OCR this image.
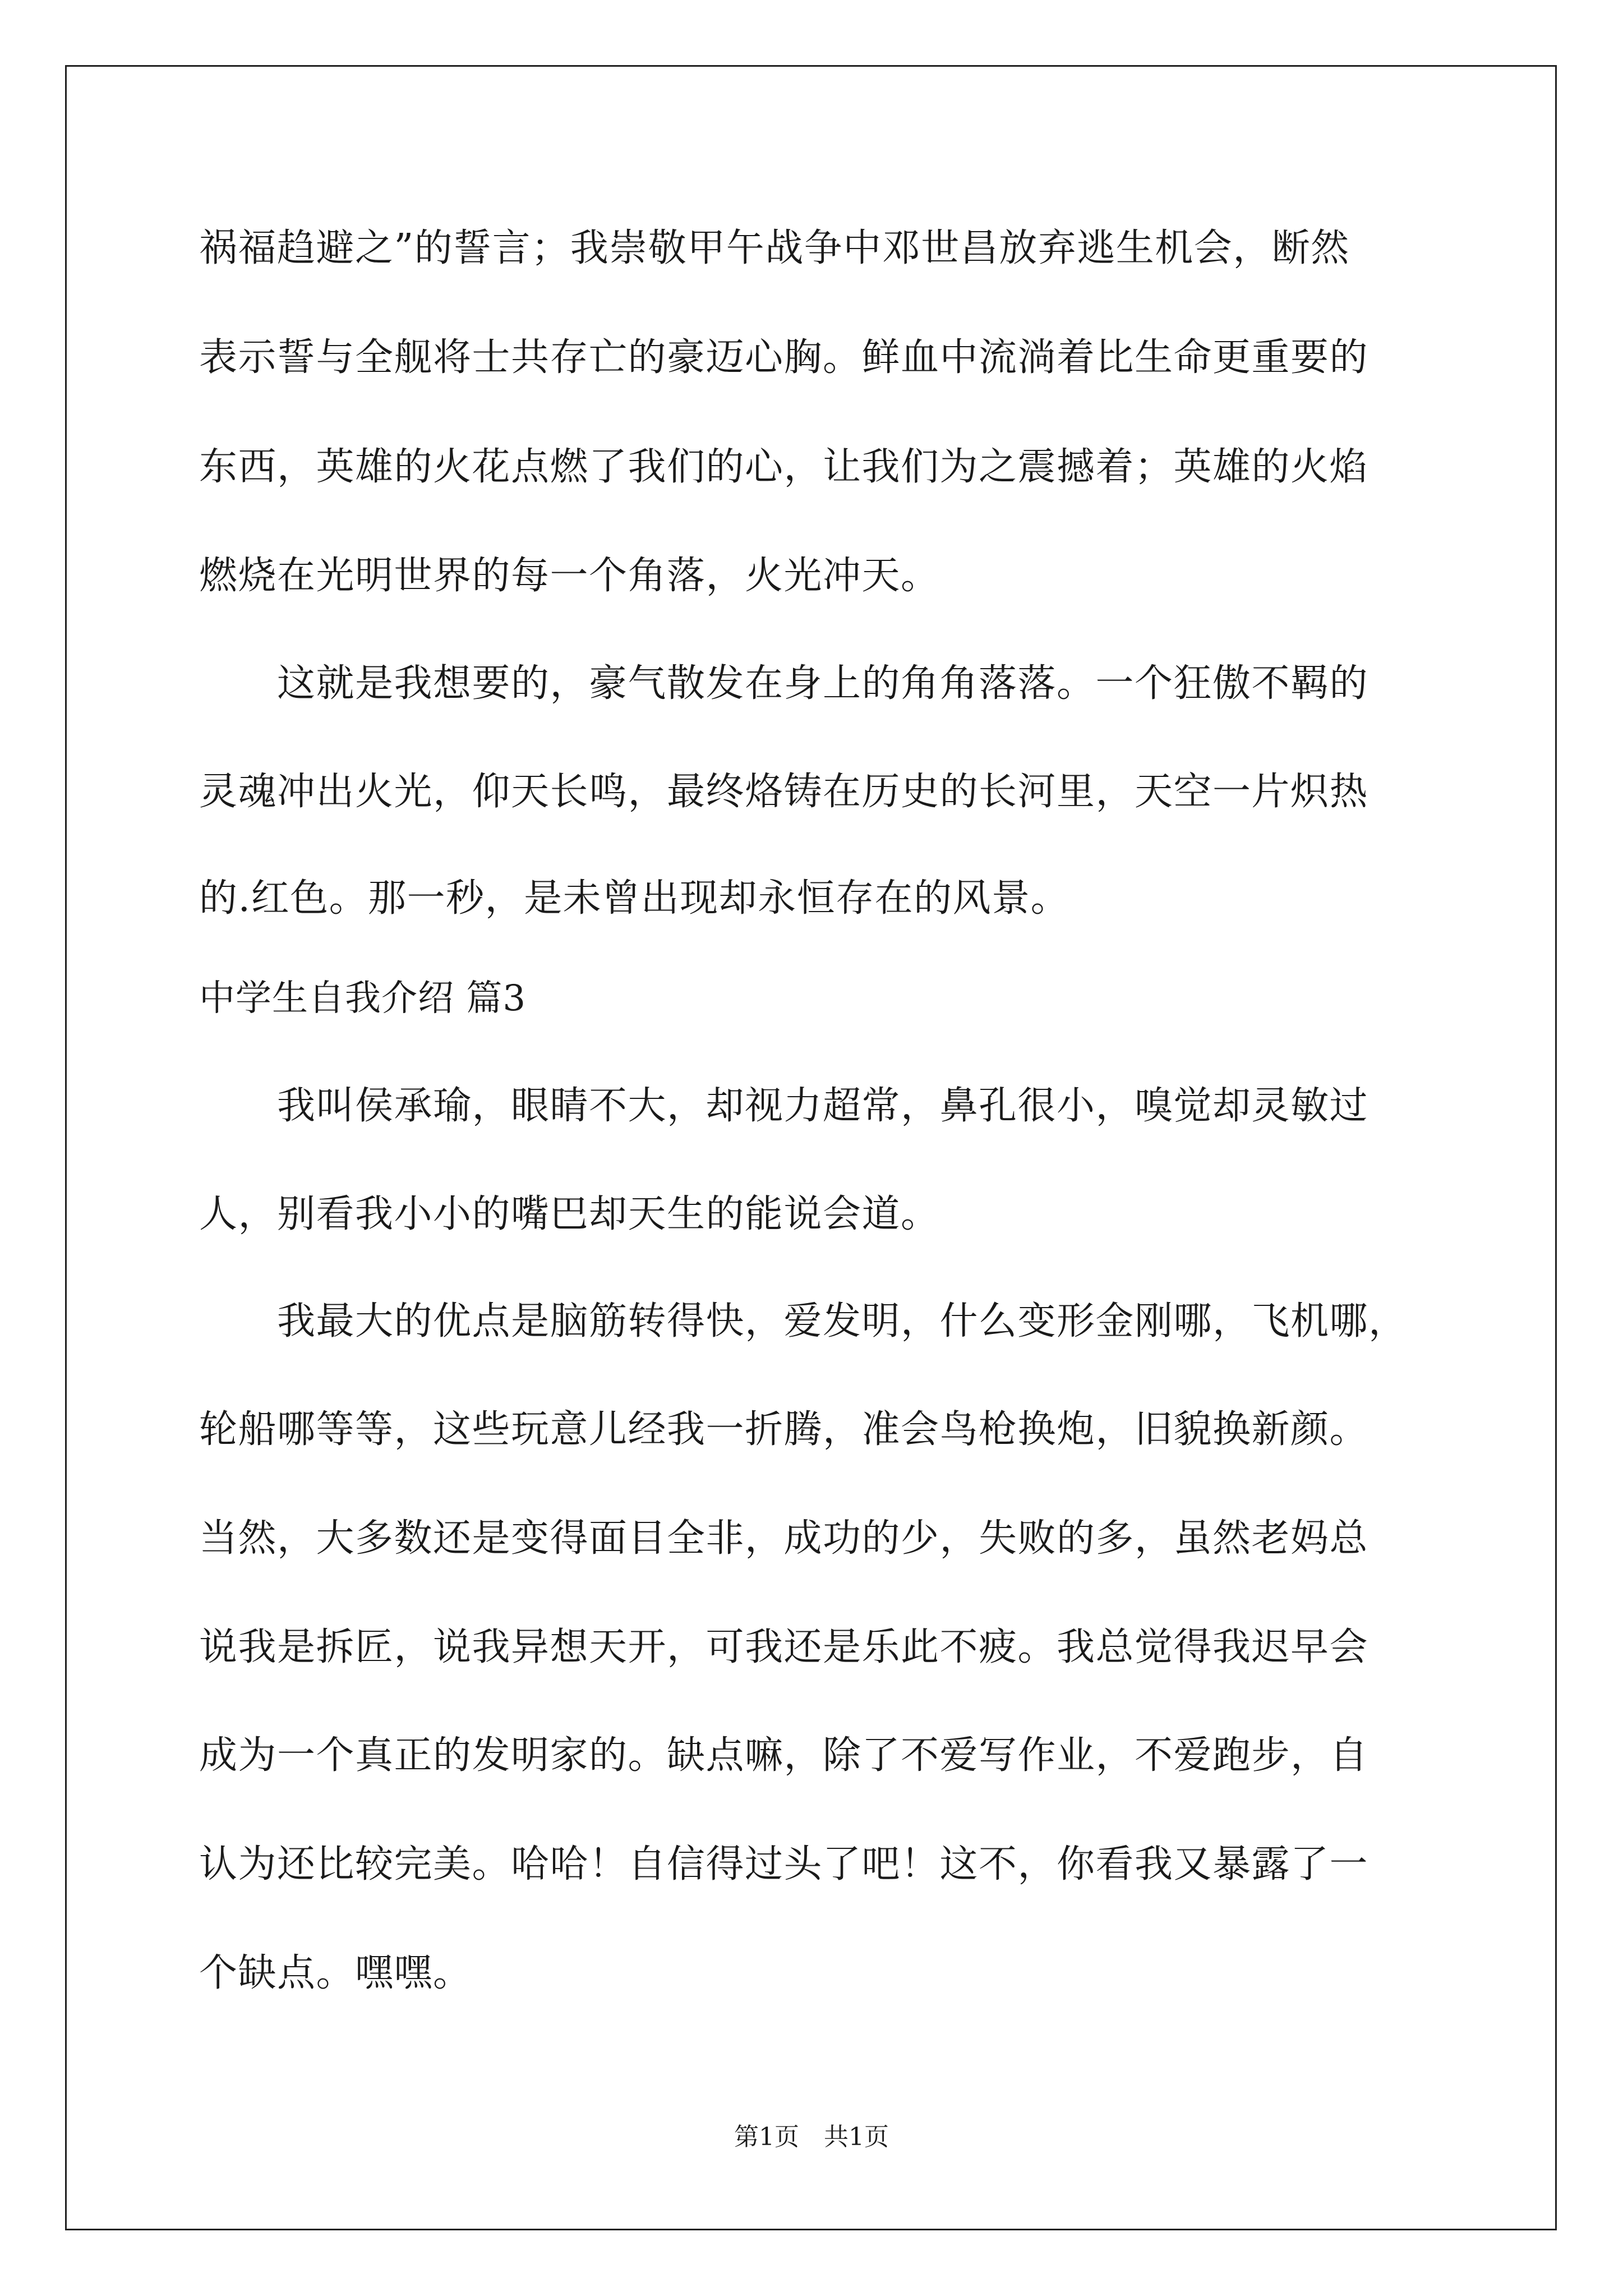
祸福趋避之”的誓言；我崇敬甲午战争中邓世昌放弃逃生机会，断然
表示誓与全舰将士共存亡的豪迈心胸。鲜血中流淌着比生命更重要的
东西，英雄的火花点燃了我们的心，让我们为之震撼着；英雄的火焰
燃烧在光明世界的每一个角落，火光冲天。
　　这就是我想要的，豪气散发在身上的角角落落。一个狂傲不羁的
灵魂冲出火光，仰天长鸣，最终烙铸在历史的长河里，天空一片炽热
的.红色。那一秒，是未曾出现却永恒存在的风景。
中学生自我介绍 篇3
　　我叫侯承瑜，眼睛不大，却视力超常，鼻孔很小，嗅觉却灵敏过
人，别看我小小的嘴巴却天生的能说会道。
　　我最大的优点是脑筋转得快，爱发明，什么变形金刚哪，飞机哪，
轮船哪等等，这些玩意儿经我一折腾，准会鸟枪换炮，旧貌换新颜。
当然，大多数还是变得面目全非，成功的少，失败的多，虽然老妈总
说我是拆匠，说我异想天开，可我还是乐此不疲。我总觉得我迟早会
成为一个真正的发明家的。缺点嘛，除了不爱写作业，不爱跑步，自
认为还比较完美。哈哈！自信得过头了吧！这不，你看我又暴露了一
个缺点。嘿嘿。
第1页　共1页
